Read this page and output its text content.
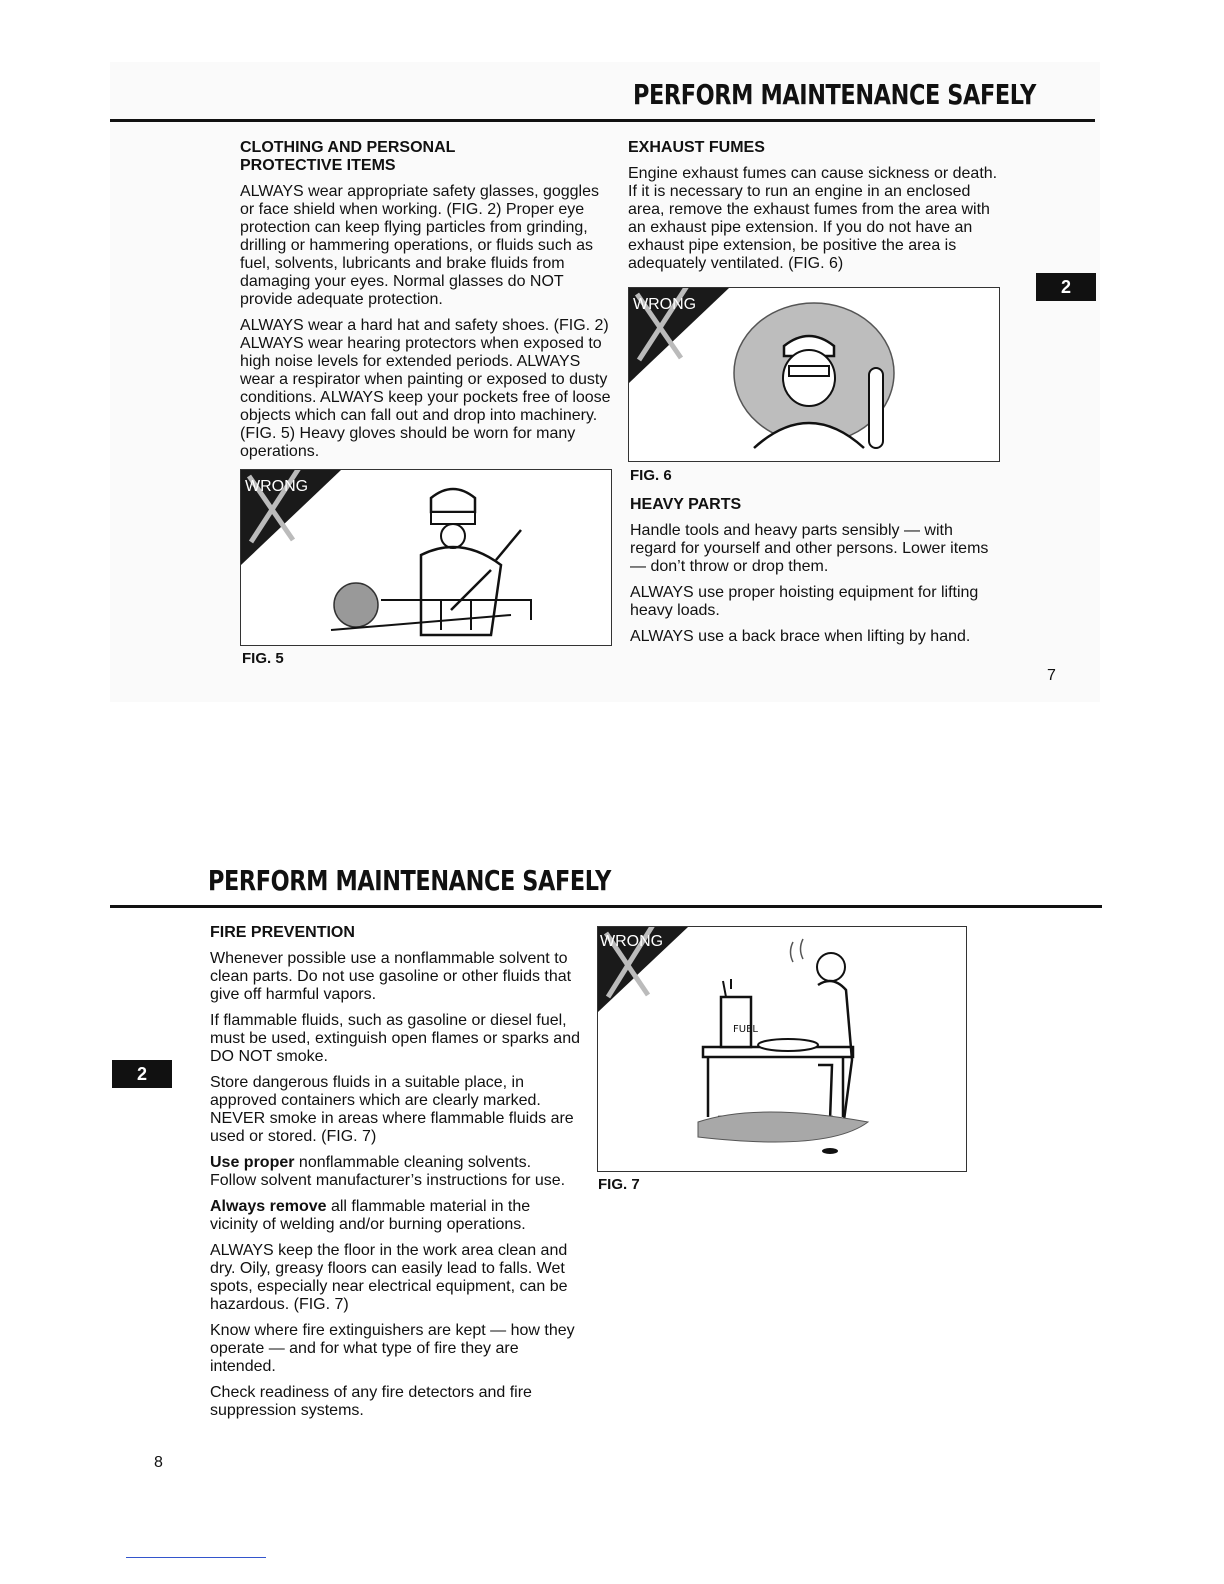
PERFORM MAINTENANCE SAFELY
2
CLOTHING AND PERSONAL
PROTECTIVE ITEMS

ALWAYS wear appropriate safety glasses, goggles or face shield when working. (FIG. 2) Proper eye protection can keep flying particles from grinding, drilling or hammering operations, or fluids such as fuel, solvents, lubricants and brake fluids from damaging your eyes. Normal glasses do NOT provide adequate protection.

ALWAYS wear a hard hat and safety shoes. (FIG. 2) ALWAYS wear hearing protectors when exposed to high noise levels for extended periods. ALWAYS wear a respirator when painting or exposed to dusty conditions. ALWAYS keep your pockets free of loose objects which can fall out and drop into machinery. (FIG. 5) Heavy gloves should be worn for many operations.

WRONG
FIG. 5
EXHAUST FUMES

Engine exhaust fumes can cause sickness or death. If it is necessary to run an engine in an enclosed area, remove the exhaust fumes from the area with an exhaust pipe extension. If you do not have an exhaust pipe extension, be positive the area is adequately ventilated. (FIG. 6)

WRONG
FIG. 6
HEAVY PARTS

Handle tools and heavy parts sensibly — with regard for yourself and other persons. Lower items — don’t throw or drop them.

ALWAYS use proper hoisting equipment for lifting heavy loads.

ALWAYS use a back brace when lifting by hand.

7
PERFORM MAINTENANCE SAFELY
2
FIRE PREVENTION

Whenever possible use a nonflammable solvent to clean parts. Do not use gasoline or other fluids that give off harmful vapors.

If flammable fluids, such as gasoline or diesel fuel, must be used, extinguish open flames or sparks and DO NOT smoke.

Store dangerous fluids in a suitable place, in approved containers which are clearly marked. NEVER smoke in areas where flammable fluids are used or stored. (FIG. 7)

Use proper nonflammable cleaning solvents. Follow solvent manufacturer’s instructions for use.

Always remove all flammable material in the vicinity of welding and/or burning operations.

ALWAYS keep the floor in the work area clean and dry. Oily, greasy floors can easily lead to falls. Wet spots, especially near electrical equipment, can be hazardous. (FIG. 7)

Know where fire extinguishers are kept — how they operate — and for what type of fire they are intended.

Check readiness of any fire detectors and fire suppression systems.

WRONG
FUEL
FIG. 7
8
